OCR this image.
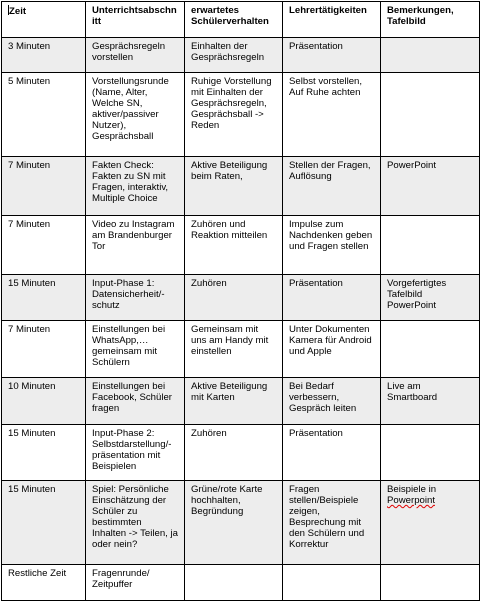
Zeit	Unterrichtsabschnitt	erwartetes Schülerverhalten	Lehrertätigkeiten	Bemerkungen, Tafelbild
3 Minuten	Gesprächsregeln vorstellen	Einhalten der Gesprächsregeln	Präsentation	
5 Minuten	Vorstellungsrunde (Name, Alter, Welche SN, aktiver/passiver Nutzer), Gesprächsball	Ruhige Vorstellung mit Einhalten der Gesprächsregeln, Gesprächsball -> Reden	Selbst vorstellen, Auf Ruhe achten	
7 Minuten	Fakten Check: Fakten zu SN mit Fragen, interaktiv, Multiple Choice	Aktive Beteiligung beim Raten,	Stellen der Fragen, Auflösung	PowerPoint
7 Minuten	Video zu Instagram am Brandenburger Tor	Zuhören und Reaktion mitteilen	Impulse zum Nachdenken geben und Fragen stellen	
15 Minuten	Input-Phase 1: Datensicherheit/-schutz	Zuhören	Präsentation	Vorgefertigtes Tafelbild PowerPoint
7 Minuten	Einstellungen bei WhatsApp,… gemeinsam mit Schülern	Gemeinsam mit uns am Handy mit einstellen	Unter Dokumenten Kamera für Android und Apple	
10 Minuten	Einstellungen bei Facebook, Schüler fragen	Aktive Beteiligung mit Karten	Bei Bedarf verbessern, Gespräch leiten	Live am Smartboard
15 Minuten	Input-Phase 2: Selbstdarstellung/-präsentation mit Beispielen	Zuhören	Präsentation	
15 Minuten	Spiel: Persönliche Einschätzung der Schüler zu bestimmten Inhalten -> Teilen, ja oder nein?	Grüne/rote Karte hochhalten, Begründung	Fragen stellen/Beispiele zeigen, Besprechung mit den Schülern und Korrektur	Beispiele in Powerpoint
Restliche Zeit	Fragenrunde/ Zeitpuffer			
